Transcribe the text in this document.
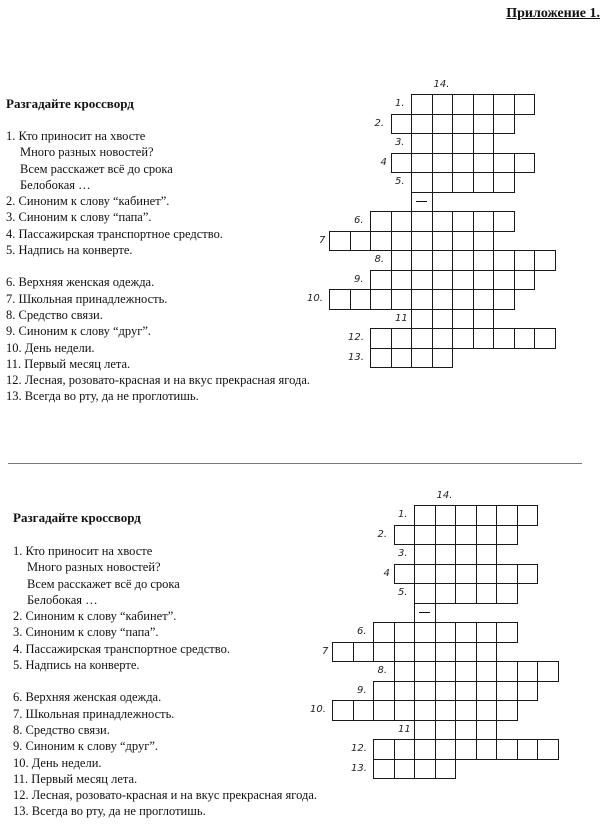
Приложение 1.
Разгадайте кроссворд
1. Кто приносит на хвосте
Много разных новостей?
Всем расскажет всё до срока
Белобокая …
2. Синоним к слову “кабинет”.
3. Синоним к слову “папа”.
4. Пассажирская транспортное средство.
5. Надпись на конверте.
6. Верхняя женская одежда.
7. Школьная принадлежность.
8. Средство связи.
9. Синоним к слову “друг”.
10. День недели.
11. Первый месяц лета.
12. Лесная, розовато-красная и на вкус прекрасная ягода.
13. Всегда во рту, да не проглотишь.
14.
1.
2.
3.
4
5.
6.
7
8.
9.
10.
11
12.
13.
Разгадайте кроссворд
1. Кто приносит на хвосте
Много разных новостей?
Всем расскажет всё до срока
Белобокая …
2. Синоним к слову “кабинет”.
3. Синоним к слову “папа”.
4. Пассажирская транспортное средство.
5. Надпись на конверте.
6. Верхняя женская одежда.
7. Школьная принадлежность.
8. Средство связи.
9. Синоним к слову “друг”.
10. День недели.
11. Первый месяц лета.
12. Лесная, розовато-красная и на вкус прекрасная ягода.
13. Всегда во рту, да не проглотишь.
14.
1.
2.
3.
4
5.
6.
7
8.
9.
10.
11
12.
13.
